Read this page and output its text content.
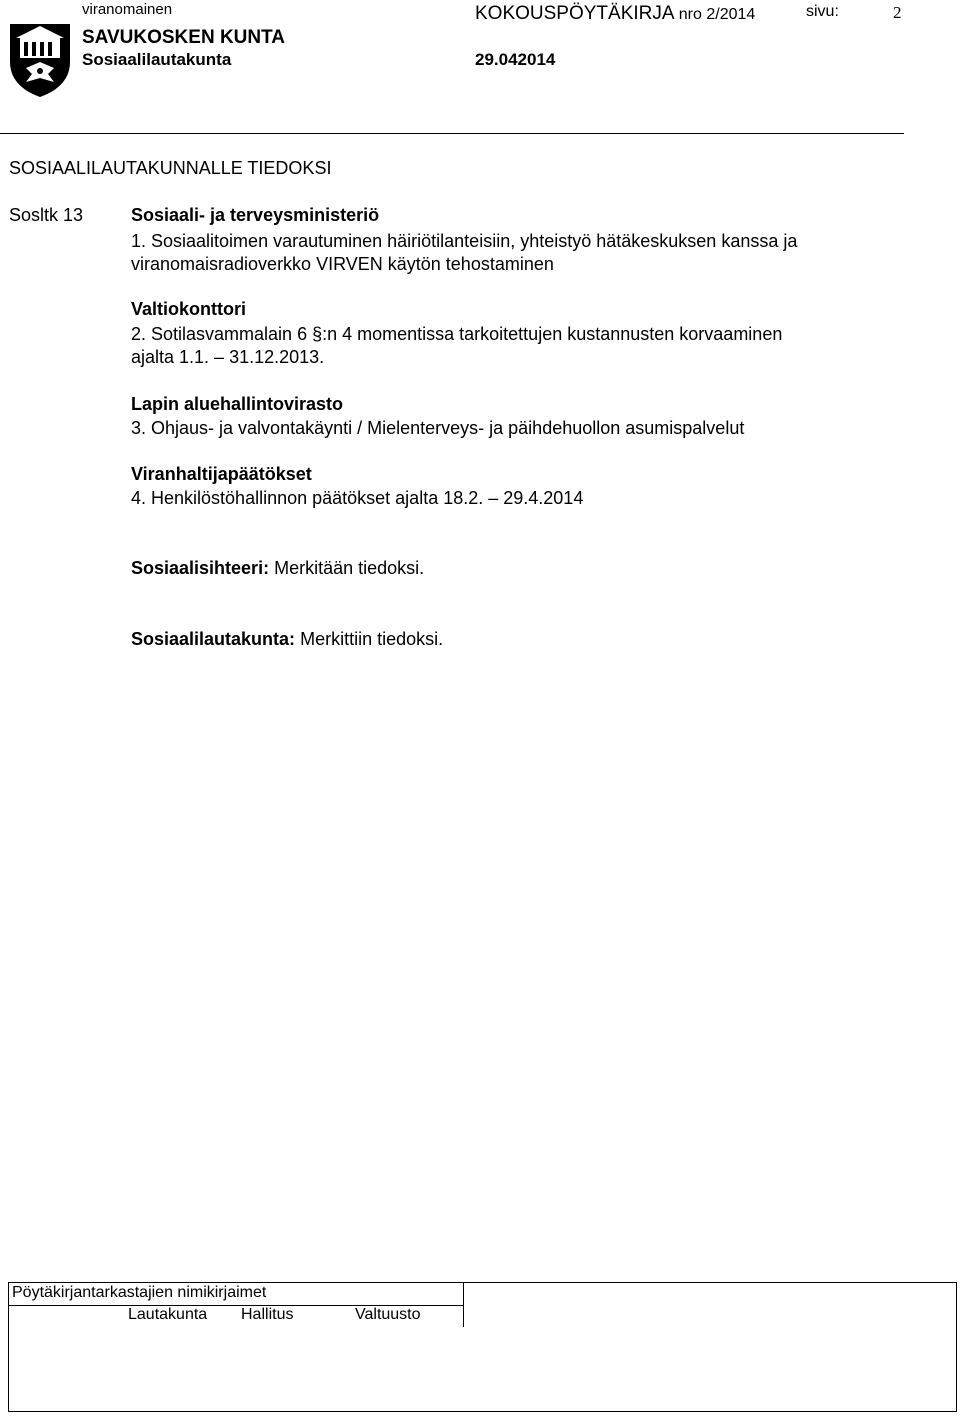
viranomainen
SAVUKOSKEN KUNTA
Sosiaalilautakunta
KOKOUSPÖYTÄKIRJA nro 2/2014	sivu:	2
29.042014
SOSIAALILAUTAKUNNALLE TIEDOKSI
Sosltk 13	Sosiaali- ja terveysministeriö
1. Sosiaalitoimen varautuminen häiriötilanteisiin, yhteistyö hätäkeskuksen kanssa ja
viranomaisradioverkko VIRVEN käytön tehostaminen
Valtiokonttori
2. Sotilasvammalain 6 §:n 4 momentissa tarkoitettujen kustannusten korvaaminen
ajalta 1.1. – 31.12.2013.
Lapin aluehallintovirasto
3. Ohjaus- ja valvontakäynti / Mielenterveys- ja päihdehuollon asumispalvelut
Viranhaltijapäätökset
4. Henkilöstöhallinnon päätökset ajalta 18.2. – 29.4.2014
Sosiaalisihteeri: Merkitään tiedoksi.
Sosiaalilautakunta: Merkittiin tiedoksi.
Pöytäkirjantarkastajien nimikirjaimet
Lautakunta Hallitus	Valtuusto
